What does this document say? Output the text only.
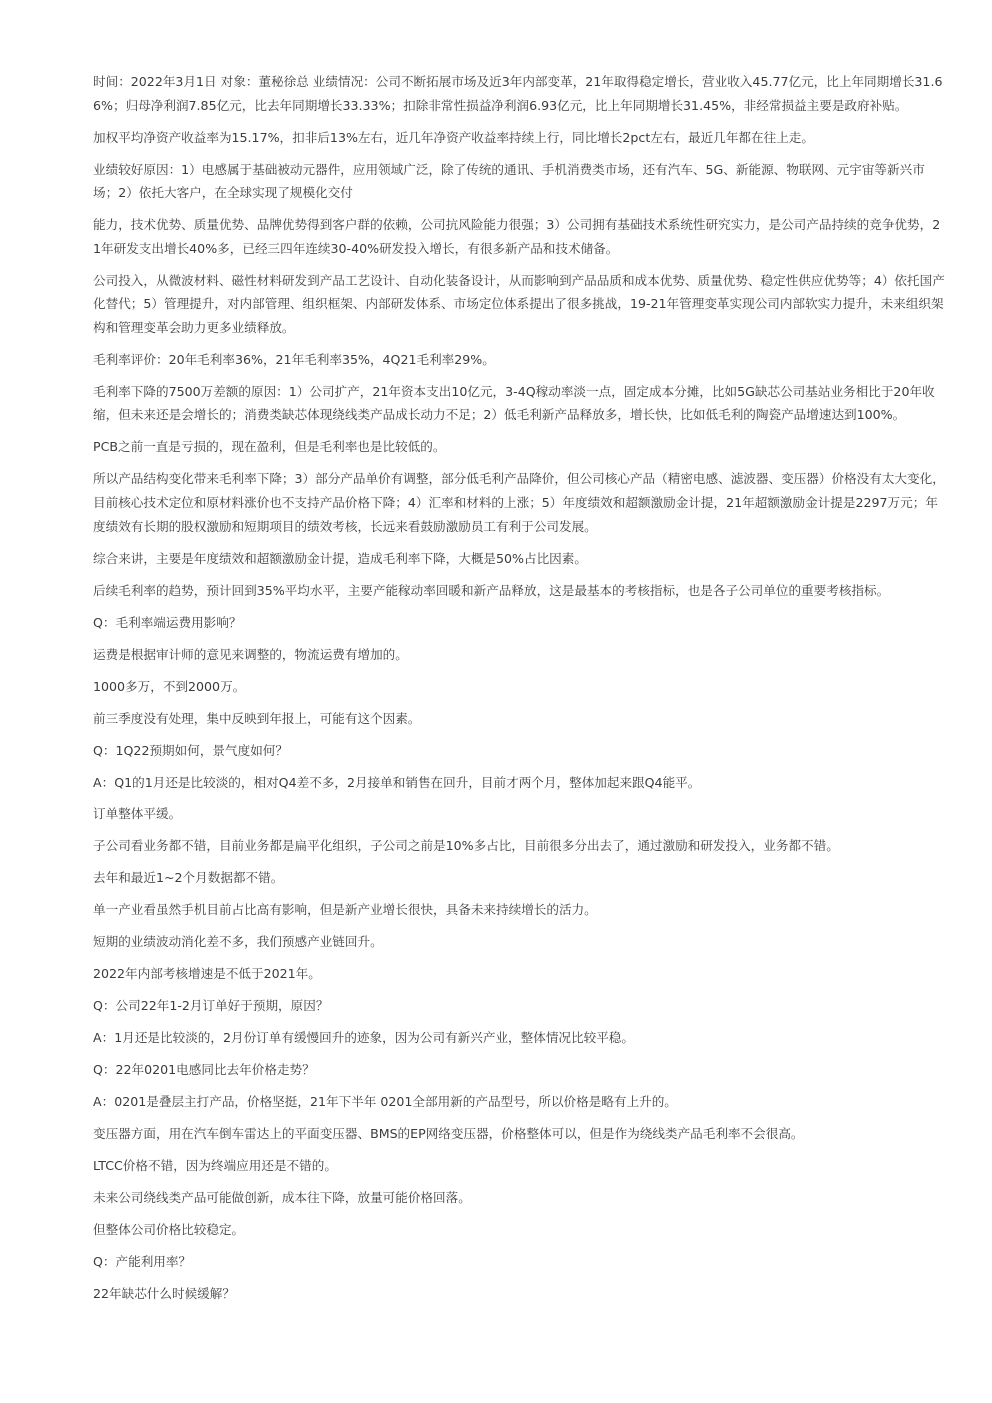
时间：2022年3月1日 对象：董秘徐总 业绩情况：公司不断拓展市场及近3年内部变革，21年取得稳定增长，营业收入45.77亿元，比上年同期增长31.66%；归母净利润7.85亿元，比去年同期增长33.33%；扣除非常性损益净利润6.93亿元，比上年同期增长31.45%，非经常损益主要是政府补贴。

加权平均净资产收益率为15.17%，扣非后13%左右，近几年净资产收益率持续上行，同比增长2pct左右，最近几年都在往上走。

业绩较好原因：1）电感属于基础被动元器件，应用领域广泛，除了传统的通讯、手机消费类市场，还有汽车、5G、新能源、物联网、元宇宙等新兴市场；2）依托大客户，在全球实现了规模化交付

能力，技术优势、质量优势、品牌优势得到客户群的依赖，公司抗风险能力很强；3）公司拥有基础技术系统性研究实力，是公司产品持续的竞争优势，21年研发支出增长40%多，已经三四年连续30-40%研发投入增长，有很多新产品和技术储备。

公司投入，从微波材料、磁性材料研发到产品工艺设计、自动化装备设计，从而影响到产品品质和成本优势、质量优势、稳定性供应优势等；4）依托国产化替代；5）管理提升，对内部管理、组织框架、内部研发体系、市场定位体系提出了很多挑战，19-21年管理变革实现公司内部软实力提升，未来组织架构和管理变革会助力更多业绩释放。

毛利率评价：20年毛利率36%，21年毛利率35%，4Q21毛利率29%。

毛利率下降的7500万差额的原因：1）公司扩产，21年资本支出10亿元，3-4Q稼动率淡一点，固定成本分摊，比如5G缺芯公司基站业务相比于20年收缩，但未来还是会增长的；消费类缺芯体现绕线类产品成长动力不足；2）低毛利新产品释放多，增长快，比如低毛利的陶瓷产品增速达到100%。

PCB之前一直是亏损的，现在盈利，但是毛利率也是比较低的。

所以产品结构变化带来毛利率下降；3）部分产品单价有调整，部分低毛利产品降价，但公司核心产品（精密电感、滤波器、变压器）价格没有太大变化，目前核心技术定位和原材料涨价也不支持产品价格下降；4）汇率和材料的上涨；5）年度绩效和超额激励金计提，21年超额激励金计提是2297万元；年度绩效有长期的股权激励和短期项目的绩效考核，长远来看鼓励激励员工有利于公司发展。

综合来讲，主要是年度绩效和超额激励金计提，造成毛利率下降，大概是50%占比因素。

后续毛利率的趋势，预计回到35%平均水平，主要产能稼动率回暖和新产品释放，这是最基本的考核指标，也是各子公司单位的重要考核指标。

Q：毛利率端运费用影响？

运费是根据审计师的意见来调整的，物流运费有增加的。

1000多万，不到2000万。

前三季度没有处理，集中反映到年报上，可能有这个因素。

Q：1Q22预期如何，景气度如何？

A：Q1的1月还是比较淡的，相对Q4差不多，2月接单和销售在回升，目前才两个月，整体加起来跟Q4能平。

订单整体平缓。

子公司看业务都不错，目前业务都是扁平化组织，子公司之前是10%多占比，目前很多分出去了，通过激励和研发投入，业务都不错。

去年和最近1~2个月数据都不错。

单一产业看虽然手机目前占比高有影响，但是新产业增长很快，具备未来持续增长的活力。

短期的业绩波动消化差不多，我们预感产业链回升。

2022年内部考核增速是不低于2021年。

Q：公司22年1-2月订单好于预期，原因？

A：1月还是比较淡的，2月份订单有缓慢回升的迹象，因为公司有新兴产业，整体情况比较平稳。

Q：22年0201电感同比去年价格走势？

A：0201是叠层主打产品，价格坚挺，21年下半年 0201全部用新的产品型号，所以价格是略有上升的。

变压器方面，用在汽车倒车雷达上的平面变压器、BMS的EP网络变压器，价格整体可以，但是作为绕线类产品毛利率不会很高。

LTCC价格不错，因为终端应用还是不错的。

未来公司绕线类产品可能做创新，成本往下降，放量可能价格回落。

但整体公司价格比较稳定。

Q：产能利用率？

22年缺芯什么时候缓解？
